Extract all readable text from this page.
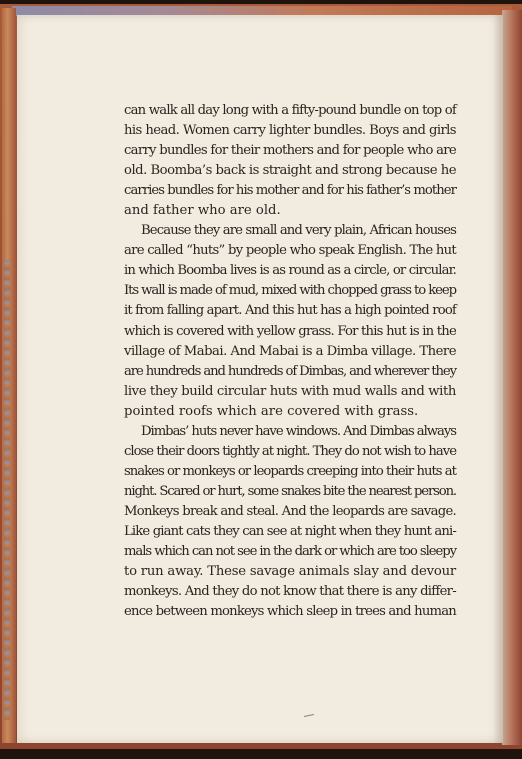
can walk all day long with a fifty-pound bundle on top of
his head. Women carry lighter bundles. Boys and girls
carry bundles for their mothers and for people who are
old. Boomba’s back is straight and strong because he
carries bundles for his mother and for his father’s mother
and father who are old.

Because they are small and very plain, African houses
are called “huts” by people who speak English. The hut
in which Boomba lives is as round as a circle, or circular.
Its wall is made of mud, mixed with chopped grass to keep
it from falling apart. And this hut has a high pointed roof
which is covered with yellow grass. For this hut is in the
village of Mabai. And Mabai is a Dimba village. There
are hundreds and hundreds of Dimbas, and wherever they
live they build circular huts with mud walls and with
pointed roofs which are covered with grass.

Dimbas’ huts never have windows. And Dimbas always
close their doors tightly at night. They do not wish to have
snakes or monkeys or leopards creeping into their huts at
night. Scared or hurt, some snakes bite the nearest person.
Monkeys break and steal. And the leopards are savage.
Like giant cats they can see at night when they hunt ani-
mals which can not see in the dark or which are too sleepy
to run away. These savage animals slay and devour
monkeys. And they do not know that there is any differ-
ence between monkeys which sleep in trees and human
